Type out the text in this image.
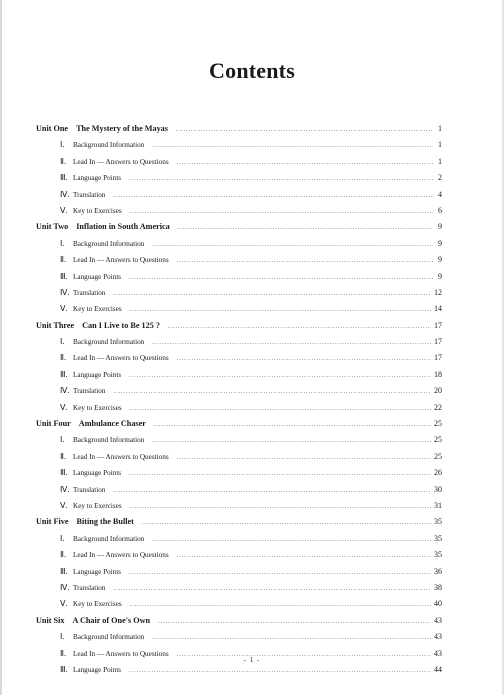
Contents
Unit One The Mystery of the Mayas .....	1
Ⅰ. Background Information .....	1
Ⅱ. Lead In — Answers to Questions .....	1
Ⅲ. Language Points .....	2
Ⅳ. Translation .....	4
Ⅴ. Key to Exercises .....	6
Unit Two Inflation in South America .....	9
Ⅰ. Background Information .....	9
Ⅱ. Lead In — Answers to Questions .....	9
Ⅲ. Language Points .....	9
Ⅳ. Translation .....	12
Ⅴ. Key to Exercises .....	14
Unit Three Can I Live to Be 125 ? .....	17
Ⅰ. Background Information .....	17
Ⅱ. Lead In — Answers to Questions .....	17
Ⅲ. Language Points .....	18
Ⅳ. Translation .....	20
Ⅴ. Key to Exercises .....	22
Unit Four Ambulance Chaser .....	25
Ⅰ. Background Information .....	25
Ⅱ. Lead In — Answers to Questions .....	25
Ⅲ. Language Points .....	26
Ⅳ. Translation .....	30
Ⅴ. Key to Exercises .....	31
Unit Five Biting the Bullet .....	35
Ⅰ. Background Information .....	35
Ⅱ. Lead In — Answers to Questions .....	35
Ⅲ. Language Points .....	36
Ⅳ. Translation .....	38
Ⅴ. Key to Exercises .....	40
Unit Six A Chair of One's Own .....	43
Ⅰ. Background Information .....	43
Ⅱ. Lead In — Answers to Questions .....	43
Ⅲ. Language Points .....	44
- 1 -
